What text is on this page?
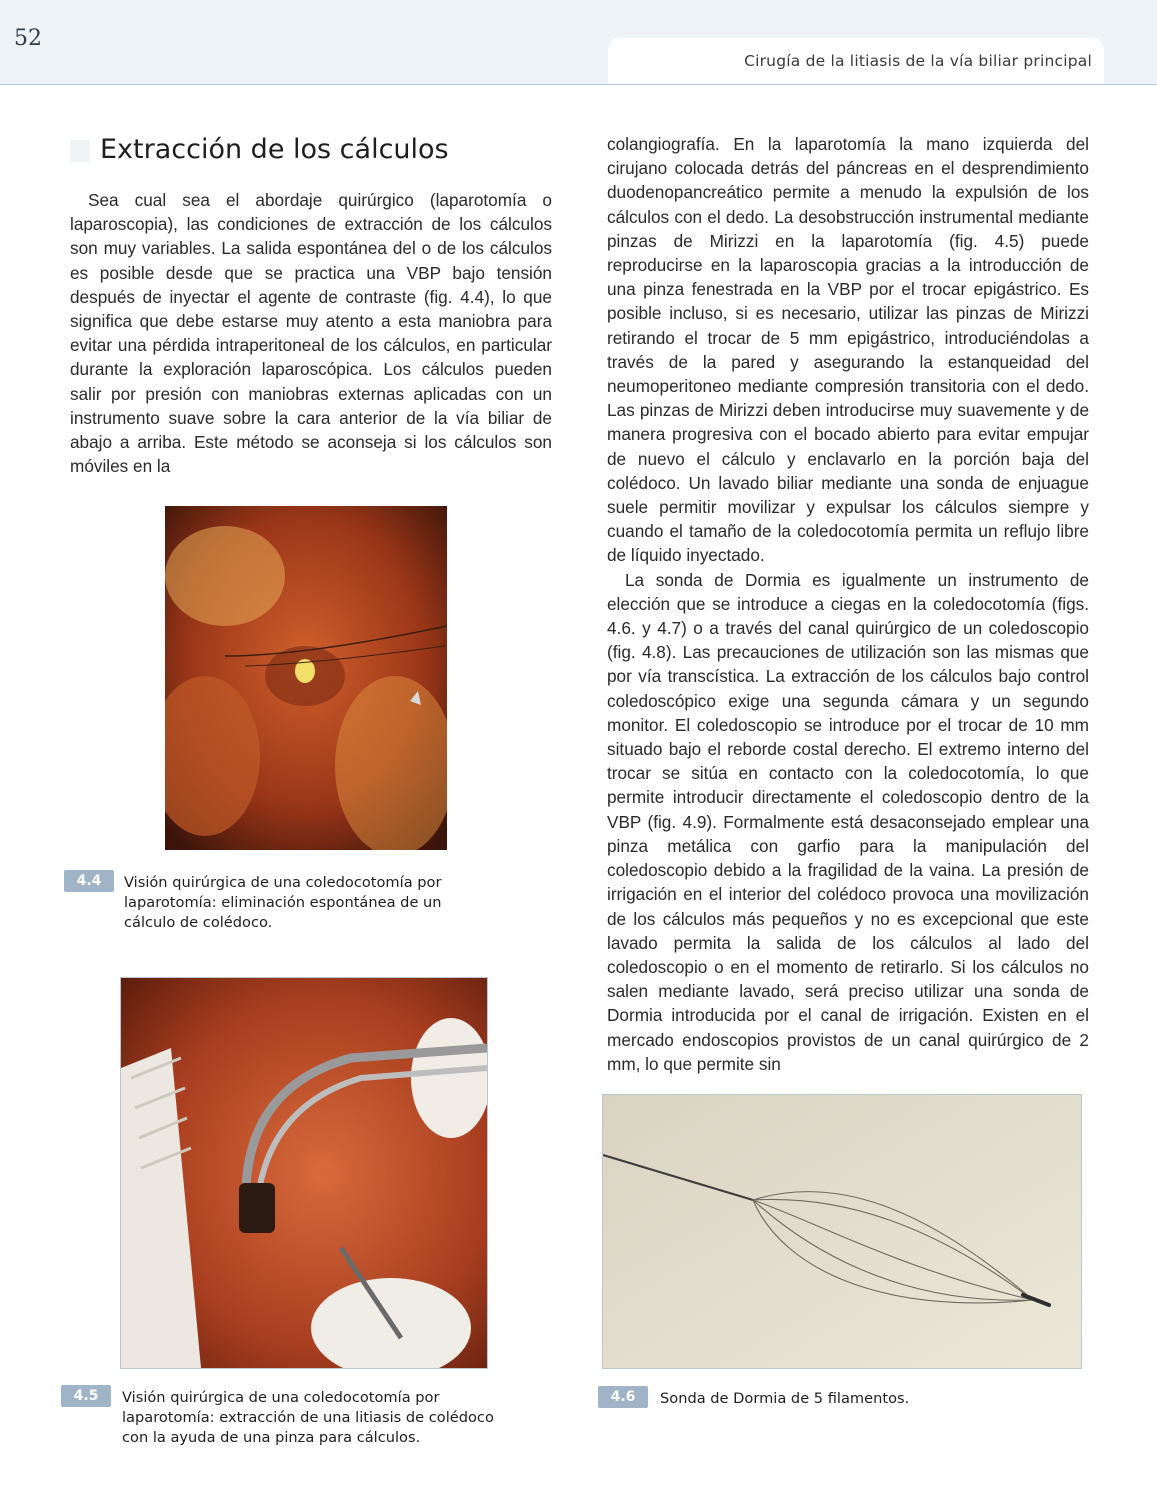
52
Cirugía de la litiasis de la vía biliar principal
Extracción de los cálculos

Sea cual sea el abordaje quirúrgico (laparotomía o laparoscopia), las condiciones de extracción de los cálculos son muy variables. La salida espontánea del o de los cálculos es posible desde que se practica una VBP bajo tensión después de inyectar el agente de contraste (fig. 4.4), lo que significa que debe estarse muy atento a esta maniobra para evitar una pérdida intraperitoneal de los cálculos, en particular durante la exploración laparoscópica. Los cálculos pueden salir por presión con maniobras externas aplicadas con un instrumento suave sobre la cara anterior de la vía biliar de abajo a arriba. Este método se aconseja si los cálculos son móviles en la

colangiografía. En la laparotomía la mano izquierda del cirujano colocada detrás del páncreas en el desprendimiento duodenopancreático permite a menudo la expulsión de los cálculos con el dedo. La desobstrucción instrumental mediante pinzas de Mirizzi en la laparotomía (fig. 4.5) puede reproducirse en la laparoscopia gracias a la introducción de una pinza fenestrada en la VBP por el trocar epigástrico. Es posible incluso, si es necesario, utilizar las pinzas de Mirizzi retirando el trocar de 5 mm epigástrico, introduciéndolas a través de la pared y asegurando la estanqueidad del neumoperitoneo mediante compresión transitoria con el dedo. Las pinzas de Mirizzi deben introducirse muy suavemente y de manera progresiva con el bocado abierto para evitar empujar de nuevo el cálculo y enclavarlo en la porción baja del colédoco. Un lavado biliar mediante una sonda de enjuague suele permitir movilizar y expulsar los cálculos siempre y cuando el tamaño de la coledocotomía permita un reflujo libre de líquido inyectado.

La sonda de Dormia es igualmente un instrumento de elección que se introduce a ciegas en la coledocotomía (figs. 4.6. y 4.7) o a través del canal quirúrgico de un coledoscopio (fig. 4.8). Las precauciones de utilización son las mismas que por vía transcística. La extracción de los cálculos bajo control coledoscópico exige una segunda cámara y un segundo monitor. El coledoscopio se introduce por el trocar de 10 mm situado bajo el reborde costal derecho. El extremo interno del trocar se sitúa en contacto con la coledocotomía, lo que permite introducir directamente el coledoscopio dentro de la VBP (fig. 4.9). Formalmente está desaconsejado emplear una pinza metálica con garfio para la manipulación del coledoscopio debido a la fragilidad de la vaina. La presión de irrigación en el interior del colédoco provoca una movilización de los cálculos más pequeños y no es excepcional que este lavado permita la salida de los cálculos al lado del coledoscopio o en el momento de retirarlo. Si los cálculos no salen mediante lavado, será preciso utilizar una sonda de Dormia introducida por el canal de irrigación. Existen en el mercado endoscopios provistos de un canal quirúrgico de 2 mm, lo que permite sin

4.4	Visión quirúrgica de una coledocotomía por laparotomía: eliminación espontánea de un cálculo de colédoco.

4.5	Visión quirúrgica de una coledocotomía por laparotomía: extracción de una litiasis de colédoco con la ayuda de una pinza para cálculos.

4.6	Sonda de Dormia de 5 filamentos.
